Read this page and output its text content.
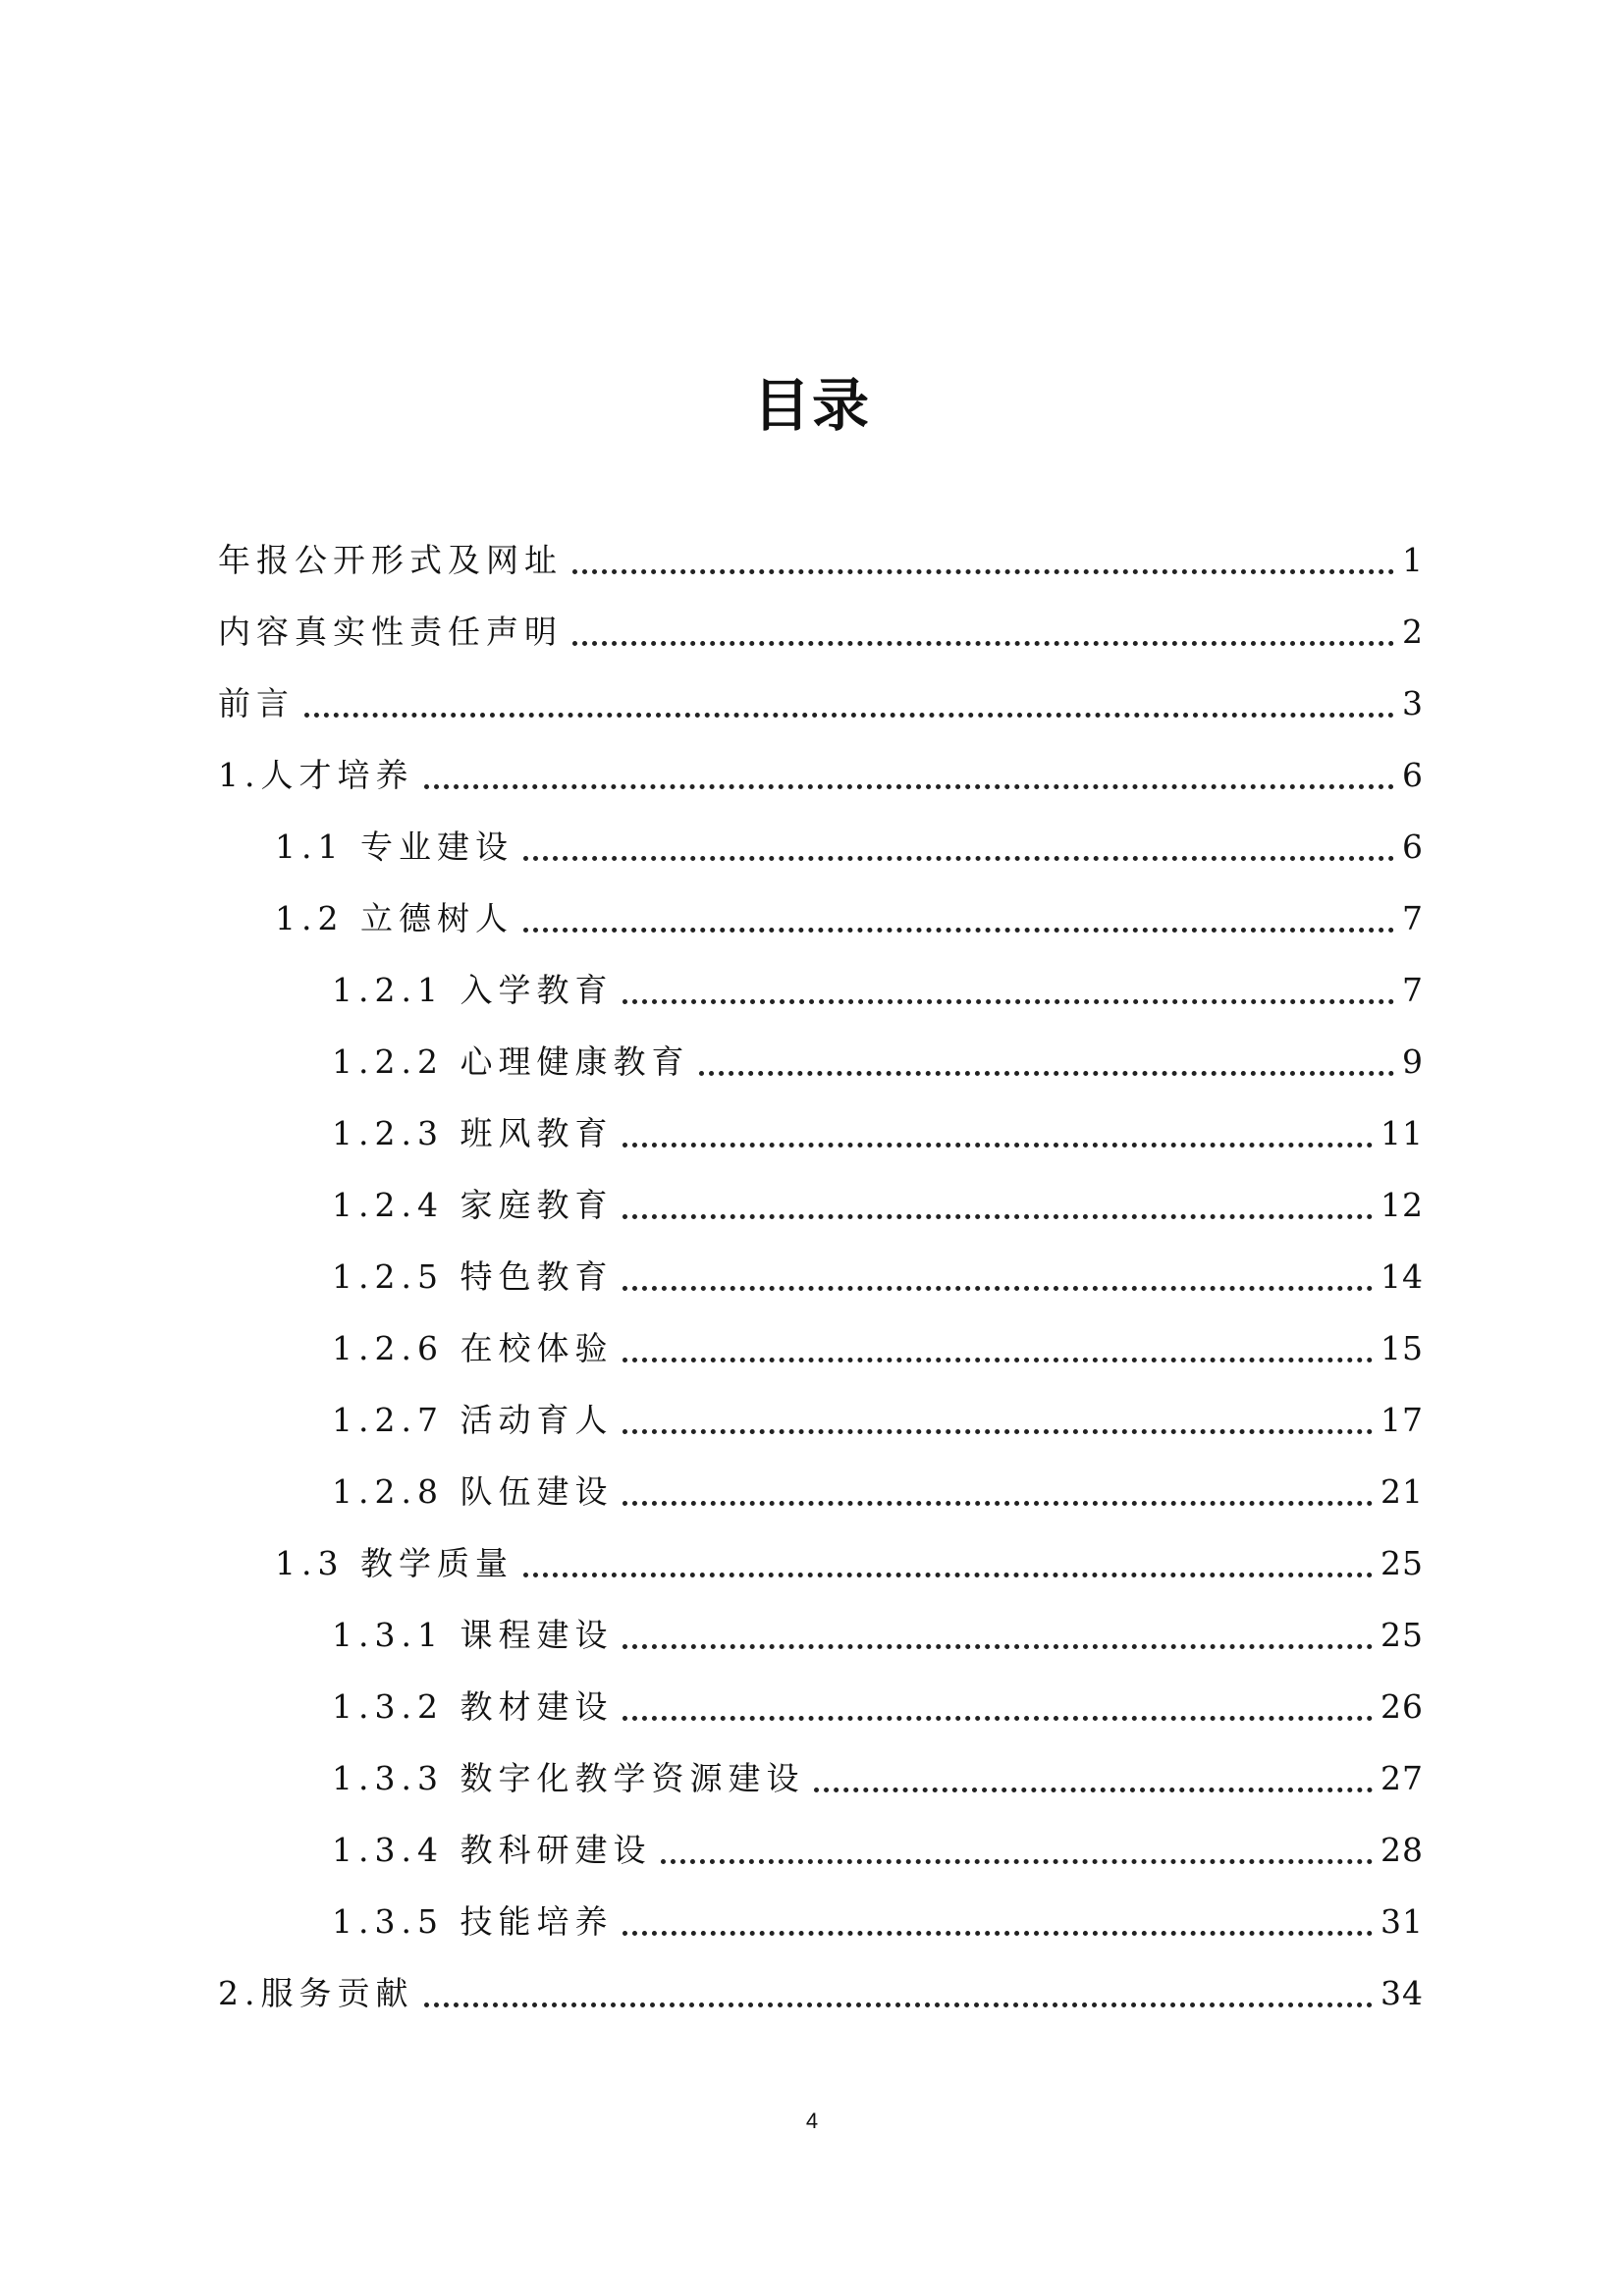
目录
年报公开形式及网址	1
内容真实性责任声明	2
前言	3
1.人才培养	6
1.1 专业建设	6
1.2 立德树人	7
1.2.1 入学教育	7
1.2.2 心理健康教育	9
1.2.3 班风教育	11
1.2.4 家庭教育	12
1.2.5 特色教育	14
1.2.6 在校体验	15
1.2.7 活动育人	17
1.2.8 队伍建设	21
1.3 教学质量	25
1.3.1 课程建设	25
1.3.2 教材建设	26
1.3.3 数字化教学资源建设	27
1.3.4 教科研建设	28
1.3.5 技能培养	31
2.服务贡献	34
4
